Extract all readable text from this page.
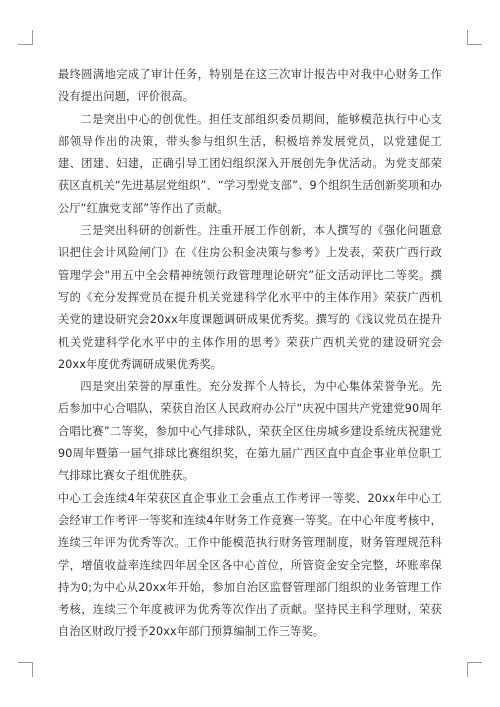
最终圆满地完成了审计任务，特别是在这三次审计报告中对我中心财务工作没有提出问题，评价很高。

二是突出中心的创优性。担任支部组织委员期间，能够模范执行中心支部领导作出的决策，带头参与组织生活，积极培养发展党员，以党建促工建、团建、妇建，正确引导工团妇组织深入开展创先争优活动。为党支部荣获区直机关“先进基层党组织”、“学习型党支部”、9个组织生活创新奖项和办公厅“红旗党支部”等作出了贡献。

三是突出科研的创新性。注重开展工作创新，本人撰写的《强化问题意识把住会计风险闸门》在《住房公积金决策与参考》上发表，荣获广西行政管理学会“用五中全会精神统领行政管理理论研究”征文活动评比二等奖。撰写的《充分发挥党员在提升机关党建科学化水平中的主体作用》荣获广西机关党的建设研究会20xx年度课题调研成果优秀奖。撰写的《浅议党员在提升机关党建科学化水平中的主体作用的思考》荣获广西机关党的建设研究会20xx年度优秀调研成果优秀奖。

四是突出荣誉的厚重性。充分发挥个人特长，为中心集体荣誉争光。先后参加中心合唱队，荣获自治区人民政府办公厅“庆祝中国共产党建党90周年合唱比赛”二等奖，参加中心气排球队，荣获全区住房城乡建设系统庆祝建党90周年暨第一届气排球比赛组织奖，在第九届广西区直中直企事业单位职工气排球比赛女子组优胜获。

中心工会连续4年荣获区直企事业工会重点工作考评一等奖、20xx年中心工会经审工作考评一等奖和连续4年财务工作竞赛一等奖。在中心年度考核中，连续三年评为优秀等次。工作中能模范执行财务管理制度，财务管理规范科学，增值收益率连续四年居全区各中心首位，所管资金安全完整，坏账率保持为0;为中心从20xx年开始，参加自治区监督管理部门组织的业务管理工作考核，连续三个年度被评为优秀等次作出了贡献。坚持民主科学理财，荣获自治区财政厅授予20xx年部门预算编制工作三等奖。
